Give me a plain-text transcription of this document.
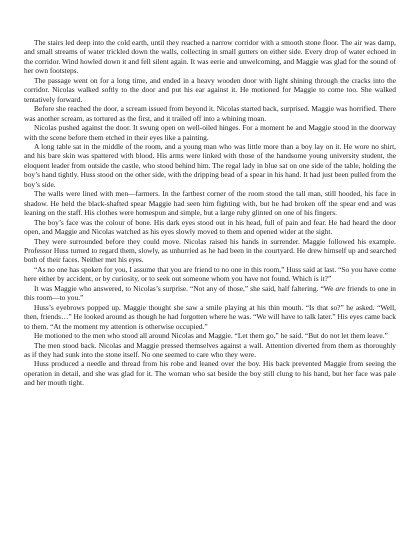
The stairs led deep into the cold earth, until they reached a narrow corridor with a smooth stone floor. The air was damp, and small streams of water trickled down the walls, collecting in small gutters on either side. Every drop of water echoed in the corridor. Wind howled down it and fell silent again. It was eerie and unwelcoming, and Maggie was glad for the sound of her own footsteps.

The passage went on for a long time, and ended in a heavy wooden door with light shining through the cracks into the corridor. Nicolas walked softly to the door and put his ear against it. He motioned for Maggie to come too. She walked tentatively forward.

Before she reached the door, a scream issued from beyond it. Nicolas started back, surprised. Maggie was horrified. There was another scream, as tortured as the first, and it trailed off into a whining moan.

Nicolas pushed against the door. It swung open on well-oiled hinges. For a moment he and Maggie stood in the doorway with the scene before them etched in their eyes like a painting.

A long table sat in the middle of the room, and a young man who was little more than a boy lay on it. He wore no shirt, and his bare skin was spattered with blood. His arms were linked with those of the handsome young university student, the eloquent leader from outside the castle, who stood behind him. The regal lady in blue sat on one side of the table, holding the boy’s hand tightly. Huss stood on the other side, with the dripping head of a spear in his hand. It had just been pulled from the boy’s side.

The walls were lined with men—farmers. In the farthest corner of the room stood the tall man, still hooded, his face in shadow. He held the black-shafted spear Maggie had seen him fighting with, but he had broken off the spear end and was leaning on the staff. His clothes were homespun and simple, but a large ruby glinted on one of his fingers.

The boy’s face was the colour of bone. His dark eyes stood out in his head, full of pain and fear. He had heard the door open, and Maggie and Nicolas watched as his eyes slowly moved to them and opened wider at the sight.

They were surrounded before they could move. Nicolas raised his hands in surrender. Maggie followed his example. Professor Huss turned to regard them, slowly, as unhurried as he had been in the courtyard. He drew himself up and searched both of their faces. Neither met his eyes.

“As no one has spoken for you, I assume that you are friend to no one in this room,” Huss said at last. “So you have come here either by accident, or by curiosity, or to seek out someone whom you have not found. Which is it?”

It was Maggie who answered, to Nicolas’s surprise. “Not any of those,” she said, half faltering. “We are friends to one in this room—to you.”

Huss’s eyebrows popped up. Maggie thought she saw a smile playing at his thin mouth. “Is that so?” he asked. “Well, then, friends…” He looked around as though he had forgotten where he was. “We will have to talk later.” His eyes came back to them. “At the moment my attention is otherwise occupied.”

He motioned to the men who stood all around Nicolas and Maggie. “Let them go,” he said. “But do not let them leave.”

The men stood back. Nicolas and Maggie pressed themselves against a wall. Attention diverted from them as thoroughly as if they had sunk into the stone itself. No one seemed to care who they were.

Huss produced a needle and thread from his robe and leaned over the boy. His back prevented Maggie from seeing the operation in detail, and she was glad for it. The woman who sat beside the boy still clung to his hand, but her face was pale and her mouth tight.
